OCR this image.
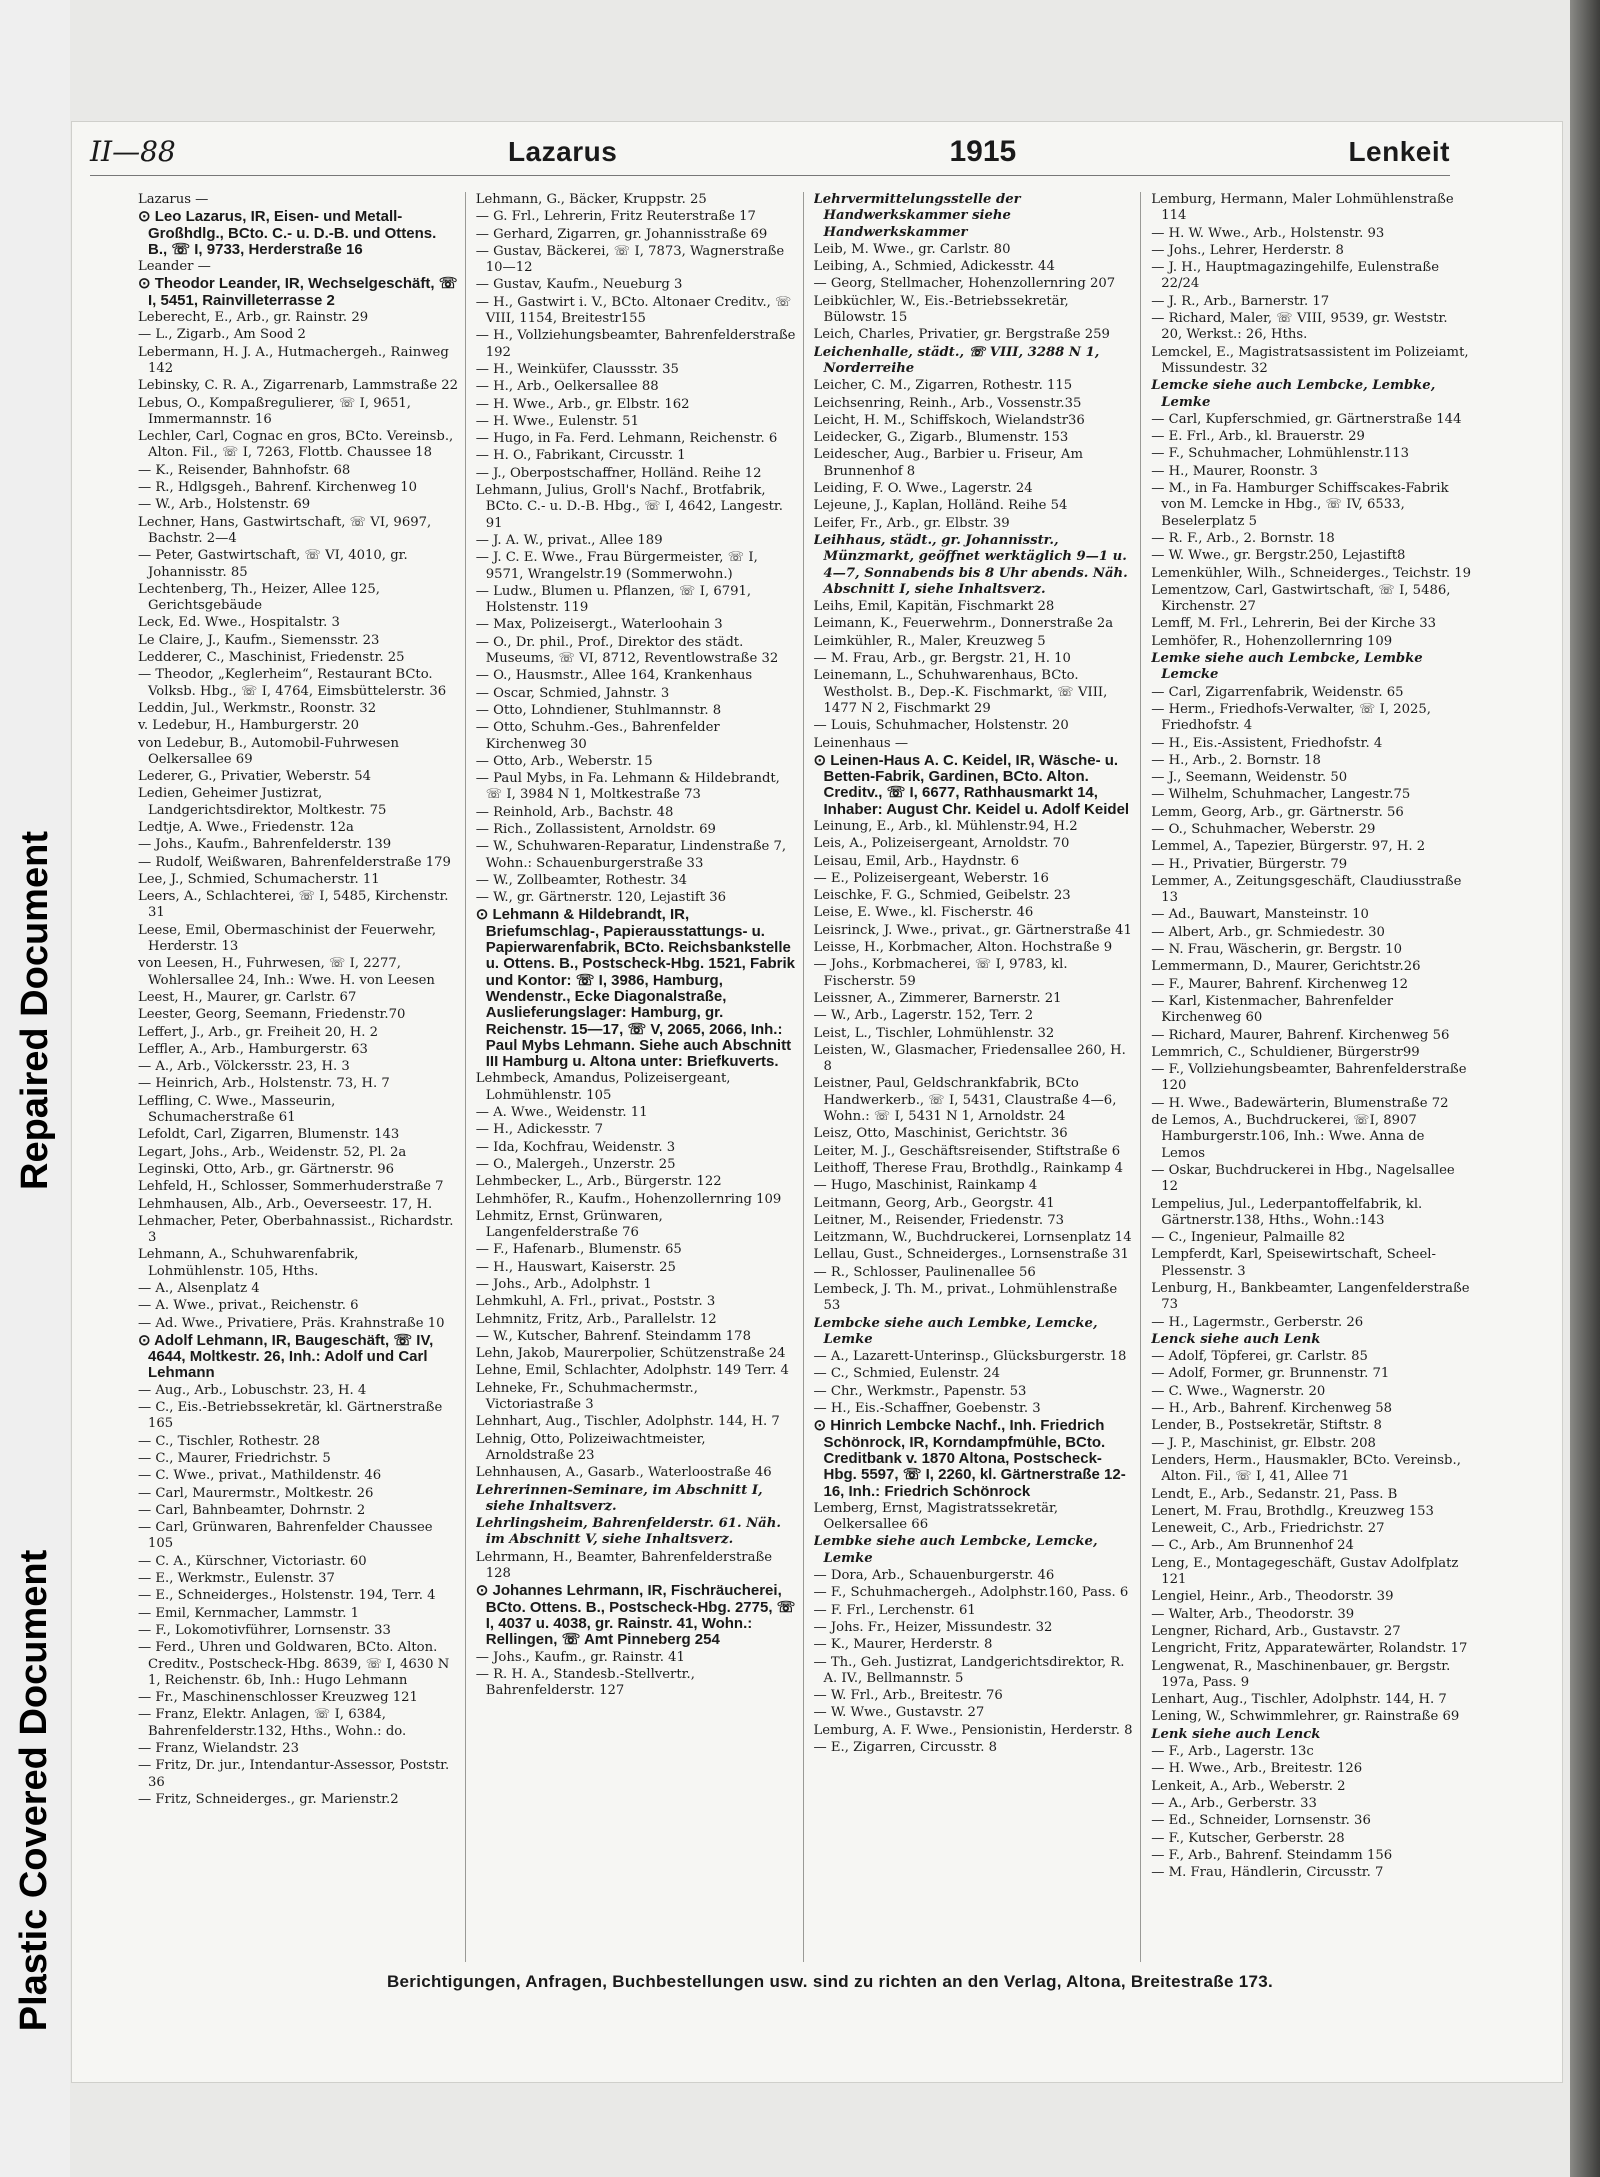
Plastic Covered Document
Repaired Document
II—88	Lazarus	1915	Lenkeit
Lazarus —
⊙ Leo Lazarus, IR, Eisen- und Metall-Großhdlg., BCto. C.- u. D.-B. und Ottens. B., ☏ I, 9733, Herderstraße 16
Leander —
⊙ Theodor Leander, IR, Wechselgeschäft, ☏ I, 5451, Rainvilleterrasse 2
Leberecht, E., Arb., gr. Rainstr. 29
— L., Zigarb., Am Sood 2
Lebermann, H. J. A., Hutmachergeh., Rainweg 142
Lebinsky, C. R. A., Zigarrenarb, Lammstraße 22
Lebus, O., Kompaßregulierer, ☏ I, 9651, Immermannstr. 16
Lechler, Carl, Cognac en gros, BCto. Vereinsb., Alton. Fil., ☏ I, 7263, Flottb. Chaussee 18
— K., Reisender, Bahnhofstr. 68
— R., Hdlgsgeh., Bahrenf. Kirchenweg 10
— W., Arb., Holstenstr. 69
Lechner, Hans, Gastwirtschaft, ☏ VI, 9697, Bachstr. 2—4
— Peter, Gastwirtschaft, ☏ VI, 4010, gr. Johannisstr. 85
Lechtenberg, Th., Heizer, Allee 125, Gerichtsgebäude
Leck, Ed. Wwe., Hospitalstr. 3
Le Claire, J., Kaufm., Siemensstr. 23
Ledderer, C., Maschinist, Friedenstr. 25
— Theodor, „Keglerheim“, Restaurant BCto. Volksb. Hbg., ☏ I, 4764, Eimsbüttelerstr. 36
Leddin, Jul., Werkmstr., Roonstr. 32
v. Ledebur, H., Hamburgerstr. 20
von Ledebur, B., Automobil-Fuhrwesen Oelkersallee 69
Lederer, G., Privatier, Weberstr. 54
Ledien, Geheimer Justizrat, Landgerichtsdirektor, Moltkestr. 75
Ledtje, A. Wwe., Friedenstr. 12a
— Johs., Kaufm., Bahrenfelderstr. 139
— Rudolf, Weißwaren, Bahrenfelderstraße 179
Lee, J., Schmied, Schumacherstr. 11
Leers, A., Schlachterei, ☏ I, 5485, Kirchenstr. 31
Leese, Emil, Obermaschinist der Feuerwehr, Herderstr. 13
von Leesen, H., Fuhrwesen, ☏ I, 2277, Wohlersallee 24, Inh.: Wwe. H. von Leesen
Leest, H., Maurer, gr. Carlstr. 67
Leester, Georg, Seemann, Friedenstr.70
Leffert, J., Arb., gr. Freiheit 20, H. 2
Leffler, A., Arb., Hamburgerstr. 63
— A., Arb., Völckersstr. 23, H. 3
— Heinrich, Arb., Holstenstr. 73, H. 7
Leffling, C. Wwe., Masseurin, Schumacherstraße 61
Lefoldt, Carl, Zigarren, Blumenstr. 143
Legart, Johs., Arb., Weidenstr. 52, Pl. 2a
Leginski, Otto, Arb., gr. Gärtnerstr. 96
Lehfeld, H., Schlosser, Sommerhuderstraße 7
Lehmhausen, Alb., Arb., Oeverseestr. 17, H.
Lehmacher, Peter, Oberbahnassist., Richardstr. 3
Lehmann, A., Schuhwarenfabrik, Lohmühlenstr. 105, Hths.
— A., Alsenplatz 4
— A. Wwe., privat., Reichenstr. 6
— Ad. Wwe., Privatiere, Präs. Krahnstraße 10
⊙ Adolf Lehmann, IR, Baugeschäft, ☏ IV, 4644, Moltkestr. 26, Inh.: Adolf und Carl Lehmann
— Aug., Arb., Lobuschstr. 23, H. 4
— C., Eis.-Betriebssekretär, kl. Gärtnerstraße 165
— C., Tischler, Rothestr. 28
— C., Maurer, Friedrichstr. 5
— C. Wwe., privat., Mathildenstr. 46
— Carl, Maurermstr., Moltkestr. 26
— Carl, Bahnbeamter, Dohrnstr. 2
— Carl, Grünwaren, Bahrenfelder Chaussee 105
— C. A., Kürschner, Victoriastr. 60
— E., Werkmstr., Eulenstr. 37
— E., Schneiderges., Holstenstr. 194, Terr. 4
— Emil, Kernmacher, Lammstr. 1
— F., Lokomotivführer, Lornsenstr. 33
— Ferd., Uhren und Goldwaren, BCto. Alton. Creditv., Postscheck-Hbg. 8639, ☏ I, 4630 N 1, Reichenstr. 6b, Inh.: Hugo Lehmann
— Fr., Maschinenschlosser Kreuzweg 121
— Franz, Elektr. Anlagen, ☏ I, 6384, Bahrenfelderstr.132, Hths., Wohn.: do.
— Franz, Wielandstr. 23
— Fritz, Dr. jur., Intendantur-Assessor, Poststr. 36
— Fritz, Schneiderges., gr. Marienstr.2
Lehmann, G., Bäcker, Kruppstr. 25
— G. Frl., Lehrerin, Fritz Reuterstraße 17
— Gerhard, Zigarren, gr. Johannisstraße 69
— Gustav, Bäckerei, ☏ I, 7873, Wagnerstraße 10—12
— Gustav, Kaufm., Neueburg 3
— H., Gastwirt i. V., BCto. Altonaer Creditv., ☏ VIII, 1154, Breitestr155
— H., Vollziehungsbeamter, Bahrenfelderstraße 192
— H., Weinküfer, Claussstr. 35
— H., Arb., Oelkersallee 88
— H. Wwe., Arb., gr. Elbstr. 162
— H. Wwe., Eulenstr. 51
— Hugo, in Fa. Ferd. Lehmann, Reichenstr. 6
— H. O., Fabrikant, Circusstr. 1
— J., Oberpostschaffner, Holländ. Reihe 12
Lehmann, Julius, Groll's Nachf., Brotfabrik, BCto. C.- u. D.-B. Hbg., ☏ I, 4642, Langestr. 91
— J. A. W., privat., Allee 189
— J. C. E. Wwe., Frau Bürgermeister, ☏ I, 9571, Wrangelstr.19 (Sommerwohn.)
— Ludw., Blumen u. Pflanzen, ☏ I, 6791, Holstenstr. 119
— Max, Polizeisergt., Waterloohain 3
— O., Dr. phil., Prof., Direktor des städt. Museums, ☏ VI, 8712, Reventlowstraße 32
— O., Hausmstr., Allee 164, Krankenhaus
— Oscar, Schmied, Jahnstr. 3
— Otto, Lohndiener, Stuhlmannstr. 8
— Otto, Schuhm.-Ges., Bahrenfelder Kirchenweg 30
— Otto, Arb., Weberstr. 15
— Paul Mybs, in Fa. Lehmann & Hildebrandt, ☏ I, 3984 N 1, Moltkestraße 73
— Reinhold, Arb., Bachstr. 48
— Rich., Zollassistent, Arnoldstr. 69
— W., Schuhwaren-Reparatur, Lindenstraße 7, Wohn.: Schauenburgerstraße 33
— W., Zollbeamter, Rothestr. 34
— W., gr. Gärtnerstr. 120, Lejastift 36
⊙ Lehmann & Hildebrandt, IR, Briefumschlag-, Papierausstattungs- u. Papierwarenfabrik, BCto. Reichsbankstelle u. Ottens. B., Postscheck-Hbg. 1521, Fabrik und Kontor: ☏ I, 3986, Hamburg, Wendenstr., Ecke Diagonalstraße, Auslieferungslager: Hamburg, gr. Reichenstr. 15—17, ☏ V, 2065, 2066, Inh.: Paul Mybs Lehmann. Siehe auch Abschnitt III Hamburg u. Altona unter: Briefkuverts.
Lehmbeck, Amandus, Polizeisergeant, Lohmühlenstr. 105
— A. Wwe., Weidenstr. 11
— H., Adickesstr. 7
— Ida, Kochfrau, Weidenstr. 3
— O., Malergeh., Unzerstr. 25
Lehmbecker, L., Arb., Bürgerstr. 122
Lehmhöfer, R., Kaufm., Hohenzollernring 109
Lehmitz, Ernst, Grünwaren, Langenfelderstraße 76
— F., Hafenarb., Blumenstr. 65
— H., Hauswart, Kaiserstr. 25
— Johs., Arb., Adolphstr. 1
Lehmkuhl, A. Frl., privat., Poststr. 3
Lehmnitz, Fritz, Arb., Parallelstr. 12
— W., Kutscher, Bahrenf. Steindamm 178
Lehn, Jakob, Maurerpolier, Schützenstraße 24
Lehne, Emil, Schlachter, Adolphstr. 149 Terr. 4
Lehneke, Fr., Schuhmachermstr., Victoriastraße 3
Lehnhart, Aug., Tischler, Adolphstr. 144, H. 7
Lehnig, Otto, Polizeiwachtmeister, Arnoldstraße 23
Lehnhausen, A., Gasarb., Waterloostraße 46
Lehrerinnen-Seminare, im Abschnitt I, siehe Inhaltsverz.
Lehrlingsheim, Bahrenfelderstr. 61. Näh. im Abschnitt V, siehe Inhaltsverz.
Lehrmann, H., Beamter, Bahrenfelderstraße 128
⊙ Johannes Lehrmann, IR, Fischräucherei, BCto. Ottens. B., Postscheck-Hbg. 2775, ☏ I, 4037 u. 4038, gr. Rainstr. 41, Wohn.: Rellingen, ☏ Amt Pinneberg 254
— Johs., Kaufm., gr. Rainstr. 41
— R. H. A., Standesb.-Stellvertr., Bahrenfelderstr. 127
Lehrvermittelungsstelle der Handwerkskammer siehe Handwerkskammer
Leib, M. Wwe., gr. Carlstr. 80
Leibing, A., Schmied, Adickesstr. 44
— Georg, Stellmacher, Hohenzollernring 207
Leibküchler, W., Eis.-Betriebssekretär, Bülowstr. 15
Leich, Charles, Privatier, gr. Bergstraße 259
Leichenhalle, städt., ☏ VIII, 3288 N 1, Norderreihe
Leicher, C. M., Zigarren, Rothestr. 115
Leichsenring, Reinh., Arb., Vossenstr.35
Leicht, H. M., Schiffskoch, Wielandstr36
Leidecker, G., Zigarb., Blumenstr. 153
Leidescher, Aug., Barbier u. Friseur, Am Brunnenhof 8
Leiding, F. O. Wwe., Lagerstr. 24
Lejeune, J., Kaplan, Holländ. Reihe 54
Leifer, Fr., Arb., gr. Elbstr. 39
Leihhaus, städt., gr. Johannisstr., Münzmarkt, geöffnet werktäglich 9—1 u. 4—7, Sonnabends bis 8 Uhr abends. Näh. Abschnitt I, siehe Inhaltsverz.
Leihs, Emil, Kapitän, Fischmarkt 28
Leimann, K., Feuerwehrm., Donnerstraße 2a
Leimkühler, R., Maler, Kreuzweg 5
— M. Frau, Arb., gr. Bergstr. 21, H. 10
Leinemann, L., Schuhwarenhaus, BCto. Westholst. B., Dep.-K. Fischmarkt, ☏ VIII, 1477 N 2, Fischmarkt 29
— Louis, Schuhmacher, Holstenstr. 20
Leinenhaus —
⊙ Leinen-Haus A. C. Keidel, IR, Wäsche- u. Betten-Fabrik, Gardinen, BCto. Alton. Creditv., ☏ I, 6677, Rathhausmarkt 14, Inhaber: August Chr. Keidel u. Adolf Keidel
Leinung, E., Arb., kl. Mühlenstr.94, H.2
Leis, A., Polizeisergeant, Arnoldstr. 70
Leisau, Emil, Arb., Haydnstr. 6
— E., Polizeisergeant, Weberstr. 16
Leischke, F. G., Schmied, Geibelstr. 23
Leise, E. Wwe., kl. Fischerstr. 46
Leisrinck, J. Wwe., privat., gr. Gärtnerstraße 41
Leisse, H., Korbmacher, Alton. Hochstraße 9
— Johs., Korbmacherei, ☏ I, 9783, kl. Fischerstr. 59
Leissner, A., Zimmerer, Barnerstr. 21
— W., Arb., Lagerstr. 152, Terr. 2
Leist, L., Tischler, Lohmühlenstr. 32
Leisten, W., Glasmacher, Friedensallee 260, H. 8
Leistner, Paul, Geldschrankfabrik, BCto Handwerkerb., ☏ I, 5431, Claustraße 4—6, Wohn.: ☏ I, 5431 N 1, Arnoldstr. 24
Leisz, Otto, Maschinist, Gerichtstr. 36
Leiter, M. J., Geschäftsreisender, Stiftstraße 6
Leithoff, Therese Frau, Brothdlg., Rainkamp 4
— Hugo, Maschinist, Rainkamp 4
Leitmann, Georg, Arb., Georgstr. 41
Leitner, M., Reisender, Friedenstr. 73
Leitzmann, W., Buchdruckerei, Lornsenplatz 14
Lellau, Gust., Schneiderges., Lornsenstraße 31
— R., Schlosser, Paulinenallee 56
Lembeck, J. Th. M., privat., Lohmühlenstraße 53
Lembcke siehe auch Lembke, Lemcke, Lemke
— A., Lazarett-Unterinsp., Glücksburgerstr. 18
— C., Schmied, Eulenstr. 24
— Chr., Werkmstr., Papenstr. 53
— H., Eis.-Schaffner, Goebenstr. 3
⊙ Hinrich Lembcke Nachf., Inh. Friedrich Schönrock, IR, Korndampfmühle, BCto. Creditbank v. 1870 Altona, Postscheck-Hbg. 5597, ☏ I, 2260, kl. Gärtnerstraße 12-16, Inh.: Friedrich Schönrock
Lemberg, Ernst, Magistratssekretär, Oelkersallee 66
Lembke siehe auch Lembcke, Lemcke, Lemke
— Dora, Arb., Schauenburgerstr. 46
— F., Schuhmachergeh., Adolphstr.160, Pass. 6
— F. Frl., Lerchenstr. 61
— Johs. Fr., Heizer, Missundestr. 32
— K., Maurer, Herderstr. 8
— Th., Geh. Justizrat, Landgerichtsdirektor, R. A. IV., Bellmannstr. 5
— W. Frl., Arb., Breitestr. 76
— W. Wwe., Gustavstr. 27
Lemburg, A. F. Wwe., Pensionistin, Herderstr. 8
— E., Zigarren, Circusstr. 8
Lemburg, Hermann, Maler Lohmühlenstraße 114
— H. W. Wwe., Arb., Holstenstr. 93
— Johs., Lehrer, Herderstr. 8
— J. H., Hauptmagazingehilfe, Eulenstraße 22/24
— J. R., Arb., Barnerstr. 17
— Richard, Maler, ☏ VIII, 9539, gr. Weststr. 20, Werkst.: 26, Hths.
Lemckel, E., Magistratsassistent im Polizeiamt, Missundestr. 32
Lemcke siehe auch Lembcke, Lembke, Lemke
— Carl, Kupferschmied, gr. Gärtnerstraße 144
— E. Frl., Arb., kl. Brauerstr. 29
— F., Schuhmacher, Lohmühlenstr.113
— H., Maurer, Roonstr. 3
— M., in Fa. Hamburger Schiffscakes-Fabrik von M. Lemcke in Hbg., ☏ IV, 6533, Beselerplatz 5
— R. F., Arb., 2. Bornstr. 18
— W. Wwe., gr. Bergstr.250, Lejastift8
Lemenkühler, Wilh., Schneiderges., Teichstr. 19
Lementzow, Carl, Gastwirtschaft, ☏ I, 5486, Kirchenstr. 27
Lemff, M. Frl., Lehrerin, Bei der Kirche 33
Lemhöfer, R., Hohenzollernring 109
Lemke siehe auch Lembcke, Lembke Lemcke
— Carl, Zigarrenfabrik, Weidenstr. 65
— Herm., Friedhofs-Verwalter, ☏ I, 2025, Friedhofstr. 4
— H., Eis.-Assistent, Friedhofstr. 4
— H., Arb., 2. Bornstr. 18
— J., Seemann, Weidenstr. 50
— Wilhelm, Schuhmacher, Langestr.75
Lemm, Georg, Arb., gr. Gärtnerstr. 56
— O., Schuhmacher, Weberstr. 29
Lemmel, A., Tapezier, Bürgerstr. 97, H. 2
— H., Privatier, Bürgerstr. 79
Lemmer, A., Zeitungsgeschäft, Claudiusstraße 13
— Ad., Bauwart, Mansteinstr. 10
— Albert, Arb., gr. Schmiedestr. 30
— N. Frau, Wäscherin, gr. Bergstr. 10
Lemmermann, D., Maurer, Gerichtstr.26
— F., Maurer, Bahrenf. Kirchenweg 12
— Karl, Kistenmacher, Bahrenfelder Kirchenweg 60
— Richard, Maurer, Bahrenf. Kirchenweg 56
Lemmrich, C., Schuldiener, Bürgerstr99
— F., Vollziehungsbeamter, Bahrenfelderstraße 120
— H. Wwe., Badewärterin, Blumenstraße 72
de Lemos, A., Buchdruckerei, ☏I, 8907 Hamburgerstr.106, Inh.: Wwe. Anna de Lemos
— Oskar, Buchdruckerei in Hbg., Nagelsallee 12
Lempelius, Jul., Lederpantoffelfabrik, kl. Gärtnerstr.138, Hths., Wohn.:143
— C., Ingenieur, Palmaille 82
Lempferdt, Karl, Speisewirtschaft, Scheel-Plessenstr. 3
Lenburg, H., Bankbeamter, Langenfelderstraße 73
— H., Lagermstr., Gerberstr. 26
Lenck siehe auch Lenk
— Adolf, Töpferei, gr. Carlstr. 85
— Adolf, Former, gr. Brunnenstr. 71
— C. Wwe., Wagnerstr. 20
— H., Arb., Bahrenf. Kirchenweg 58
Lender, B., Postsekretär, Stiftstr. 8
— J. P., Maschinist, gr. Elbstr. 208
Lenders, Herm., Hausmakler, BCto. Vereinsb., Alton. Fil., ☏ I, 41, Allee 71
Lendt, E., Arb., Sedanstr. 21, Pass. B
Lenert, M. Frau, Brothdlg., Kreuzweg 153
Leneweit, C., Arb., Friedrichstr. 27
— C., Arb., Am Brunnenhof 24
Leng, E., Montagegeschäft, Gustav Adolfplatz 121
Lengiel, Heinr., Arb., Theodorstr. 39
— Walter, Arb., Theodorstr. 39
Lengner, Richard, Arb., Gustavstr. 27
Lengricht, Fritz, Apparatewärter, Rolandstr. 17
Lengwenat, R., Maschinenbauer, gr. Bergstr. 197a, Pass. 9
Lenhart, Aug., Tischler, Adolphstr. 144, H. 7
Lening, W., Schwimmlehrer, gr. Rainstraße 69
Lenk siehe auch Lenck
— F., Arb., Lagerstr. 13c
— H. Wwe., Arb., Breitestr. 126
Lenkeit, A., Arb., Weberstr. 2
— A., Arb., Gerberstr. 33
— Ed., Schneider, Lornsenstr. 36
— F., Kutscher, Gerberstr. 28
— F., Arb., Bahrenf. Steindamm 156
— M. Frau, Händlerin, Circusstr. 7
Berichtigungen, Anfragen, Buchbestellungen usw. sind zu richten an den Verlag, Altona, Breitestraße 173.
